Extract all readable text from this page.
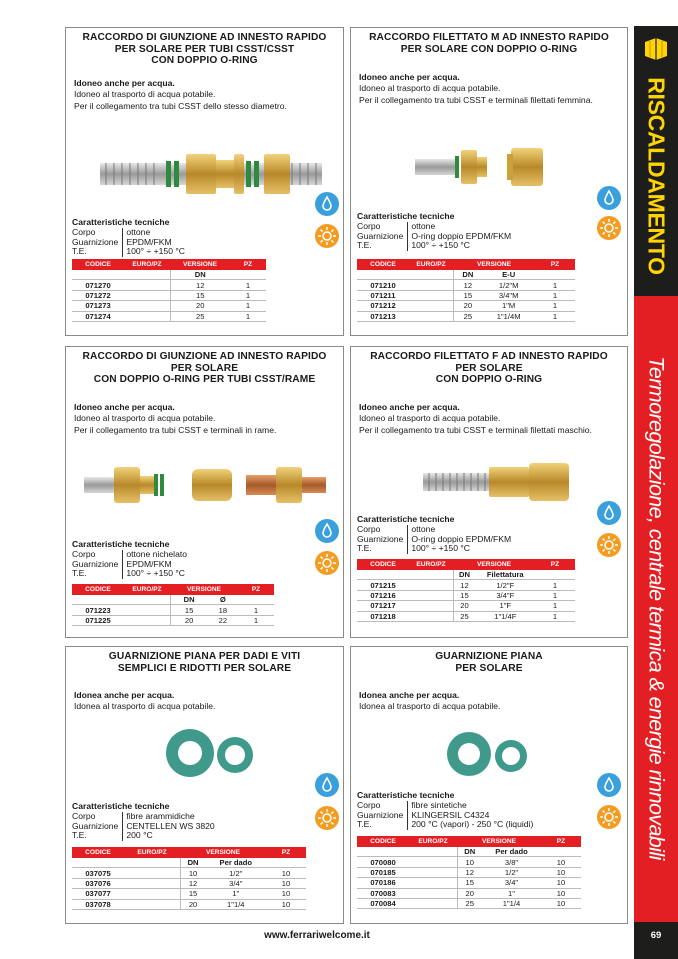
RACCORDO DI GIUNZIONE AD INNESTO RAPIDO
PER SOLARE PER TUBI CSST/CSST
CON DOPPIO O-RING
Idoneo anche per acqua.
Idoneo al trasporto di acqua potabile.
Per il collegamento tra tubi CSST dello stesso diametro.
Caratteristiche tecniche
Corpo	ottone
Guarnizione	EPDM/FKM
T.E.	100° ÷ +150 °C
CODICE	EURO/PZ	VERSIONE	PZ
		DN	
071270		12	1
071272		15	1
071273		20	1
071274		25	1
RACCORDO FILETTATO M AD INNESTO RAPIDO
PER SOLARE CON DOPPIO O-RING
Idoneo anche per acqua.
Idoneo al trasporto di acqua potabile.
Per il collegamento tra tubi CSST e terminali filettati femmina.
Caratteristiche tecniche
Corpo	ottone
Guarnizione	O-ring doppio EPDM/FKM
T.E.	100° ÷ +150 °C
CODICE	EURO/PZ	VERSIONE		PZ
		DN	E-U	
071210		12	1/2"M	1
071211		15	3/4"M	1
071212		20	1"M	1
071213		25	1"1/4M	1
RACCORDO DI GIUNZIONE AD INNESTO RAPIDO
PER SOLARE
CON DOPPIO O-RING PER TUBI CSST/RAME
Idoneo anche per acqua.
Idoneo al trasporto di acqua potabile.
Per il collegamento tra tubi CSST e terminali in rame.
Caratteristiche tecniche
Corpo	ottone nichelato
Guarnizione	EPDM/FKM
T.E.	100° ÷ +150 °C
CODICE	EURO/PZ	VERSIONE		PZ
		DN	Ø	
071223		15	18	1
071225		20	22	1
RACCORDO FILETTATO F AD INNESTO RAPIDO
PER SOLARE
CON DOPPIO O-RING
Idoneo anche per acqua.
Idoneo al trasporto di acqua potabile.
Per il collegamento tra tubi CSST e terminali filettati maschio.
Caratteristiche tecniche
Corpo	ottone
Guarnizione	O-ring doppio EPDM/FKM
T.E.	100° ÷ +150 °C
CODICE	EURO/PZ	VERSIONE		PZ
		DN	Filettatura	
071215		12	1/2"F	1
071216		15	3/4"F	1
071217		20	1"F	1
071218		25	1"1/4F	1
GUARNIZIONE PIANA PER DADI E VITI
SEMPLICI E RIDOTTI PER SOLARE
Idonea anche per acqua.
Idonea al trasporto di acqua potabile.
Caratteristiche tecniche
Corpo	fibre arammidiche
Guarnizione	CENTELLEN WS 3820
T.E.	200 °C
CODICE	EURO/PZ	VERSIONE		PZ
		DN	Per dado	
037075		10	1/2"	10
037076		12	3/4"	10
037077		15	1"	10
037078		20	1"1/4	10
GUARNIZIONE PIANA
PER SOLARE
Idonea anche per acqua.
Idonea al trasporto di acqua potabile.
Caratteristiche tecniche
Corpo	fibre sintetiche
Guarnizione	KLINGERSIL C4324
T.E.	200 °C (vapori) - 250 °C (liquidi)
CODICE	EURO/PZ	VERSIONE		PZ
		DN	Per dado	
070080		10	3/8"	10
070185		12	1/2"	10
070186		15	3/4"	10
070083		20	1"	10
070084		25	1"1/4	10
RISCALDAMENTO
Termoregolazione, centrale termica & energie rinnovabili
69
www.ferrariwelcome.it
